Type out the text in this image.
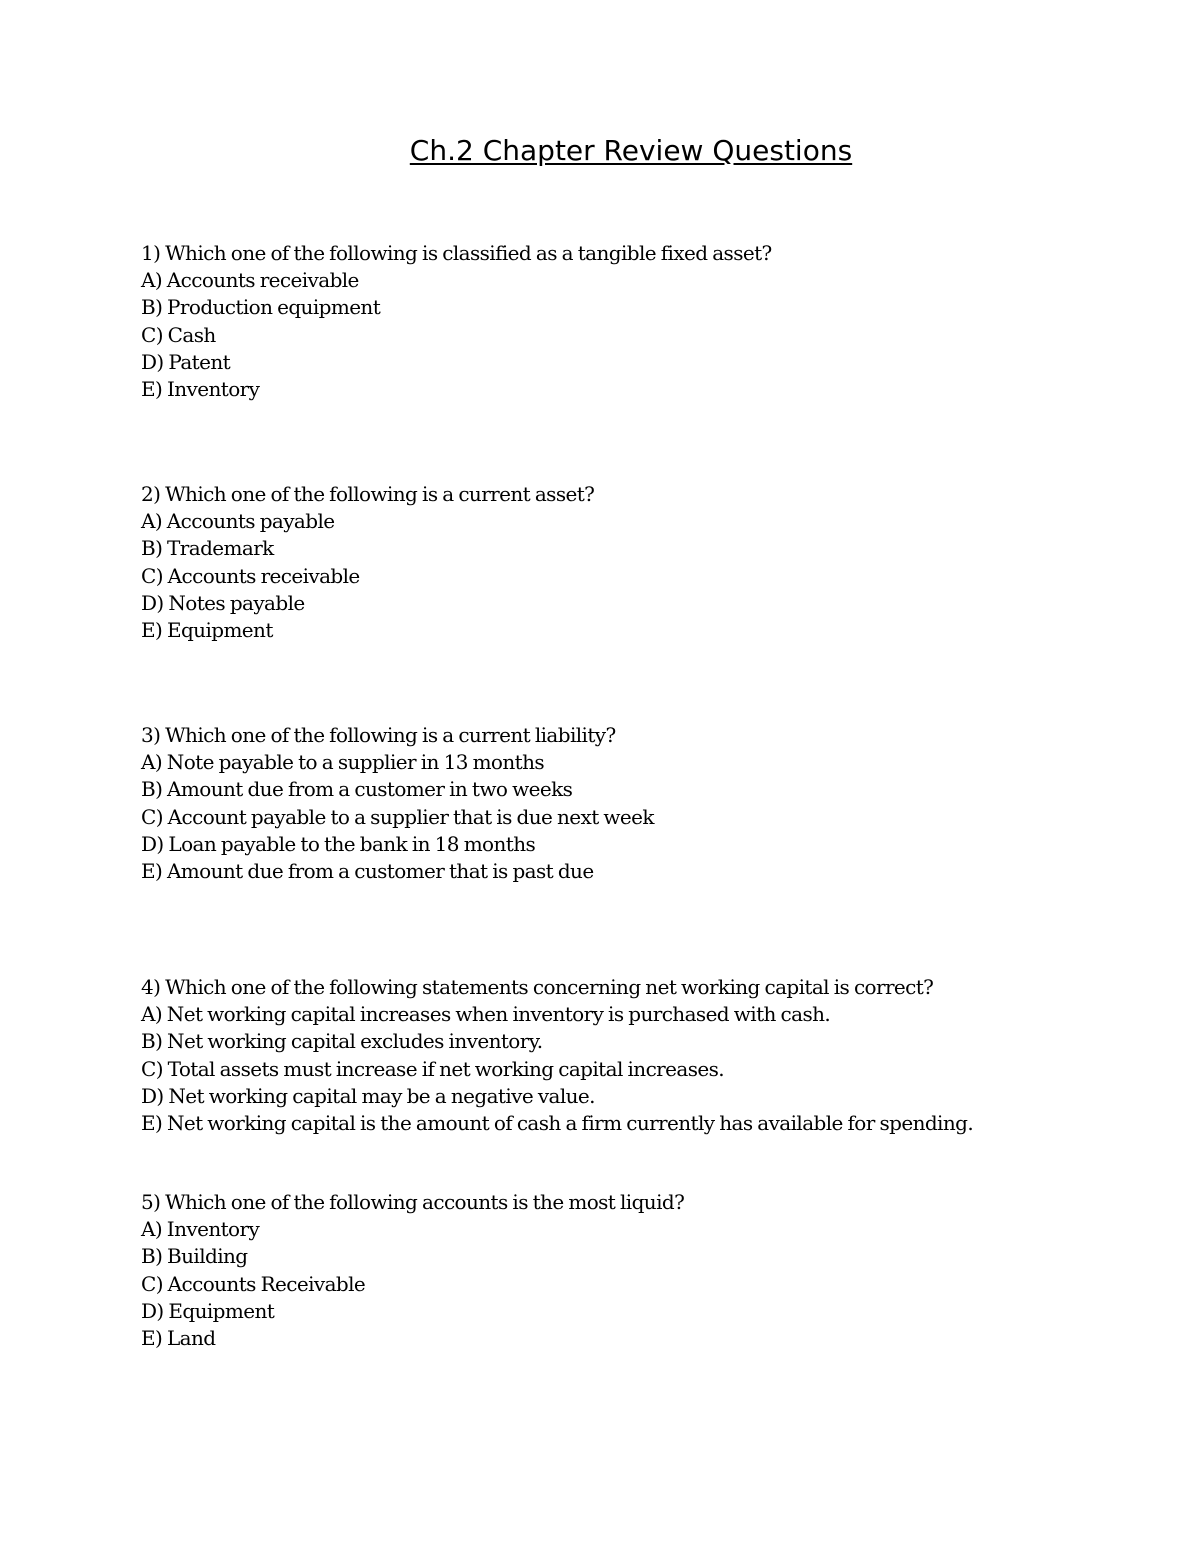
Ch.2 Chapter Review Questions
1) Which one of the following is classified as a tangible fixed asset?
A) Accounts receivable
B) Production equipment
C) Cash
D) Patent
E) Inventory
2) Which one of the following is a current asset?
A) Accounts payable
B) Trademark
C) Accounts receivable
D) Notes payable
E) Equipment
3) Which one of the following is a current liability?
A) Note payable to a supplier in 13 months
B) Amount due from a customer in two weeks
C) Account payable to a supplier that is due next week
D) Loan payable to the bank in 18 months
E) Amount due from a customer that is past due
4) Which one of the following statements concerning net working capital is correct?
A) Net working capital increases when inventory is purchased with cash.
B) Net working capital excludes inventory.
C) Total assets must increase if net working capital increases.
D) Net working capital may be a negative value.
E) Net working capital is the amount of cash a firm currently has available for spending.
5) Which one of the following accounts is the most liquid?
A) Inventory
B) Building
C) Accounts Receivable
D) Equipment
E) Land
